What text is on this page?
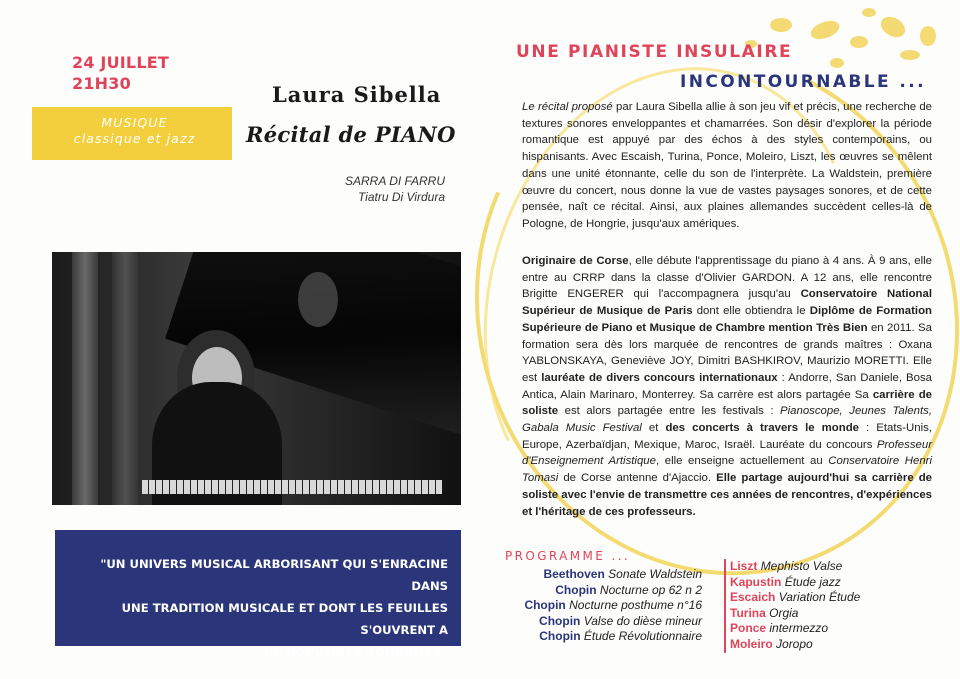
24 JUILLET
21H30
MUSIQUE
classique et jazz
Laura Sibella
Récital de PIANO
SARRA DI FARRU
Tiatru Di Virdura
"UN UNIVERS MUSICAL ARBORISANT QUI S'ENRACINE DANS
UNE TRADITION MUSICALE ET DONT LES FEUILLES S'OUVRENT A
DE NOUVELLES SONORITES"
UNE PIANISTE INSULAIRE
INCONTOURNABLE ...

Le récital proposé par Laura Sibella allie à son jeu vif et précis, une recherche de textures sonores enveloppantes et chamarrées. Son désir d'explorer la période romantique est appuyé par des échos à des styles contemporains, ou hispanisants. Avec Escaish, Turina, Ponce, Moleiro, Liszt, les œuvres se mêlent dans une unité étonnante, celle du son de l'interprète. La Waldstein, première œuvre du concert, nous donne la vue de vastes paysages sonores, et de cette pensée, naît ce récital. Ainsi, aux plaines allemandes succèdent celles-là de Pologne, de Hongrie, jusqu'aux amériques.

Originaire de Corse, elle débute l'apprentissage du piano à 4 ans. À 9 ans, elle entre au CRRP dans la classe d'Olivier GARDON. A 12 ans, elle rencontre Brigitte ENGERER qui l'accompagnera jusqu'au Conservatoire National Supérieur de Musique de Paris dont elle obtiendra le Diplôme de Formation Supérieure de Piano et Musique de Chambre mention Très Bien en 2011. Sa formation sera dès lors marquée de rencontres de grands maîtres : Oxana YABLONSKAYA, Geneviève JOY, Dimitri BASHKIROV, Maurizio MORETTI. Elle est lauréate de divers concours internationaux : Andorre, San Daniele, Bosa Antica, Alain Marinaro, Monterrey. Sa carrère est alors partagée Sa carrière de soliste est alors partagée entre les festivals : Pianoscope, Jeunes Talents, Gabala Music Festival et des concerts à travers le monde : Etats-Unis, Europe, Azerbaïdjan, Mexique, Maroc, Israël. Lauréate du concours Professeur d'Enseignement Artistique, elle enseigne actuellement au Conservatoire Henri Tomasi de Corse antenne d'Ajaccio. Elle partage aujourd'hui sa carrière de soliste avec l'envie de transmettre ces années de rencontres, d'expériences et l'héritage de ces professeurs.

PROGRAMME ...
Beethoven Sonate Waldstein
Chopin Nocturne op 62 n 2
Chopin Nocturne posthume n°16
Chopin Valse do dièse mineur
Chopin Étude Révolutionnaire
Liszt Mephisto Valse
Kapustin Étude jazz
Escaich Variation Étude
Turina Orgia
Ponce intermezzo
Moleiro Joropo
